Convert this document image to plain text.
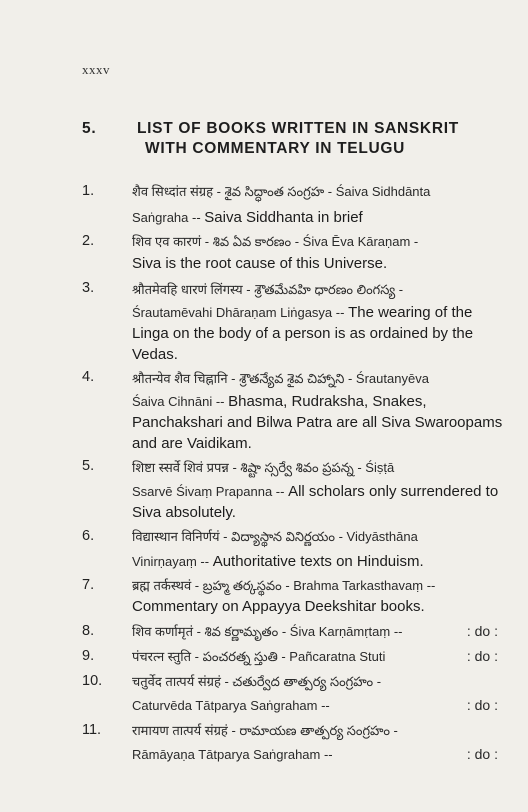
xxxv
5.	LIST OF BOOKS WRITTEN IN SANSKRIT
WITH COMMENTARY IN TELUGU
1.	शैव सिध्दांत संग्रह - శైవ సిద్ధాంత సంగ్రహ - Śaiva Sidhdānta
Saṅgraha -- Saiva Siddhanta in brief
2.	शिव एव कारणं - శివ ఏవ కారణం - Śiva Ēva Kāraṇam -
Siva is the root cause of this Universe.
3.	श्रौतमेवहि धारणं लिंगस्य - శ్రౌతమేవహి ధారణం లింగస్య -
Śrautamēvahi Dhāraṇam Liṅgasya -- The wearing of the Linga on the body of a person is as ordained by the Vedas.
4.	श्रौतन्येव शैव चिह्नानि - శ్రౌతన్యేవ శైవ చిహ్నాని - Śrautanyēva
Śaiva Cihnāni -- Bhasma, Rudraksha, Snakes, Panchakshari and Bilwa Patra are all Siva Swaroopams and are Vaidikam.
5.	शिष्टा स्सर्वे शिवं प्रपन्न - శిష్టా స్సర్వే శివం ప్రపన్న - Śiṣṭā
Ssarvē Śivaṃ Prapanna -- All scholars only surrendered to Siva absolutely.
6.	विद्यास्थान विनिर्णयं - విద్యాస్థాన వినిర్ణయం - Vidyāsthāna
Vinirṇayaṃ -- Authoritative texts on Hinduism.
7.	ब्रह्म तर्कस्थवं - బ్రహ్మ తర్కస్థవం - Brahma Tarkasthavaṃ --
Commentary on Appayya Deekshitar books.
8.	शिव कर्णामृतं - శివ కర్ణామృతం - Śiva Karṇāmṛtaṃ --	: do :
9.	पंचरत्न स्तुति - పంచరత్న స్తుతి - Pañcaratna Stuti	: do :
10. चतुर्वेद तात्पर्य संग्रहं - చతుర్వేద తాత్పర్య సంగ్రహం -
Caturvēda Tātparya Saṅgraham --	: do :
11. रामायण तात्पर्य संग्रहं - రామాయణ తాత్పర్య సంగ్రహం -
Rāmāyaṇa Tātparya Saṅgraham --	: do :
